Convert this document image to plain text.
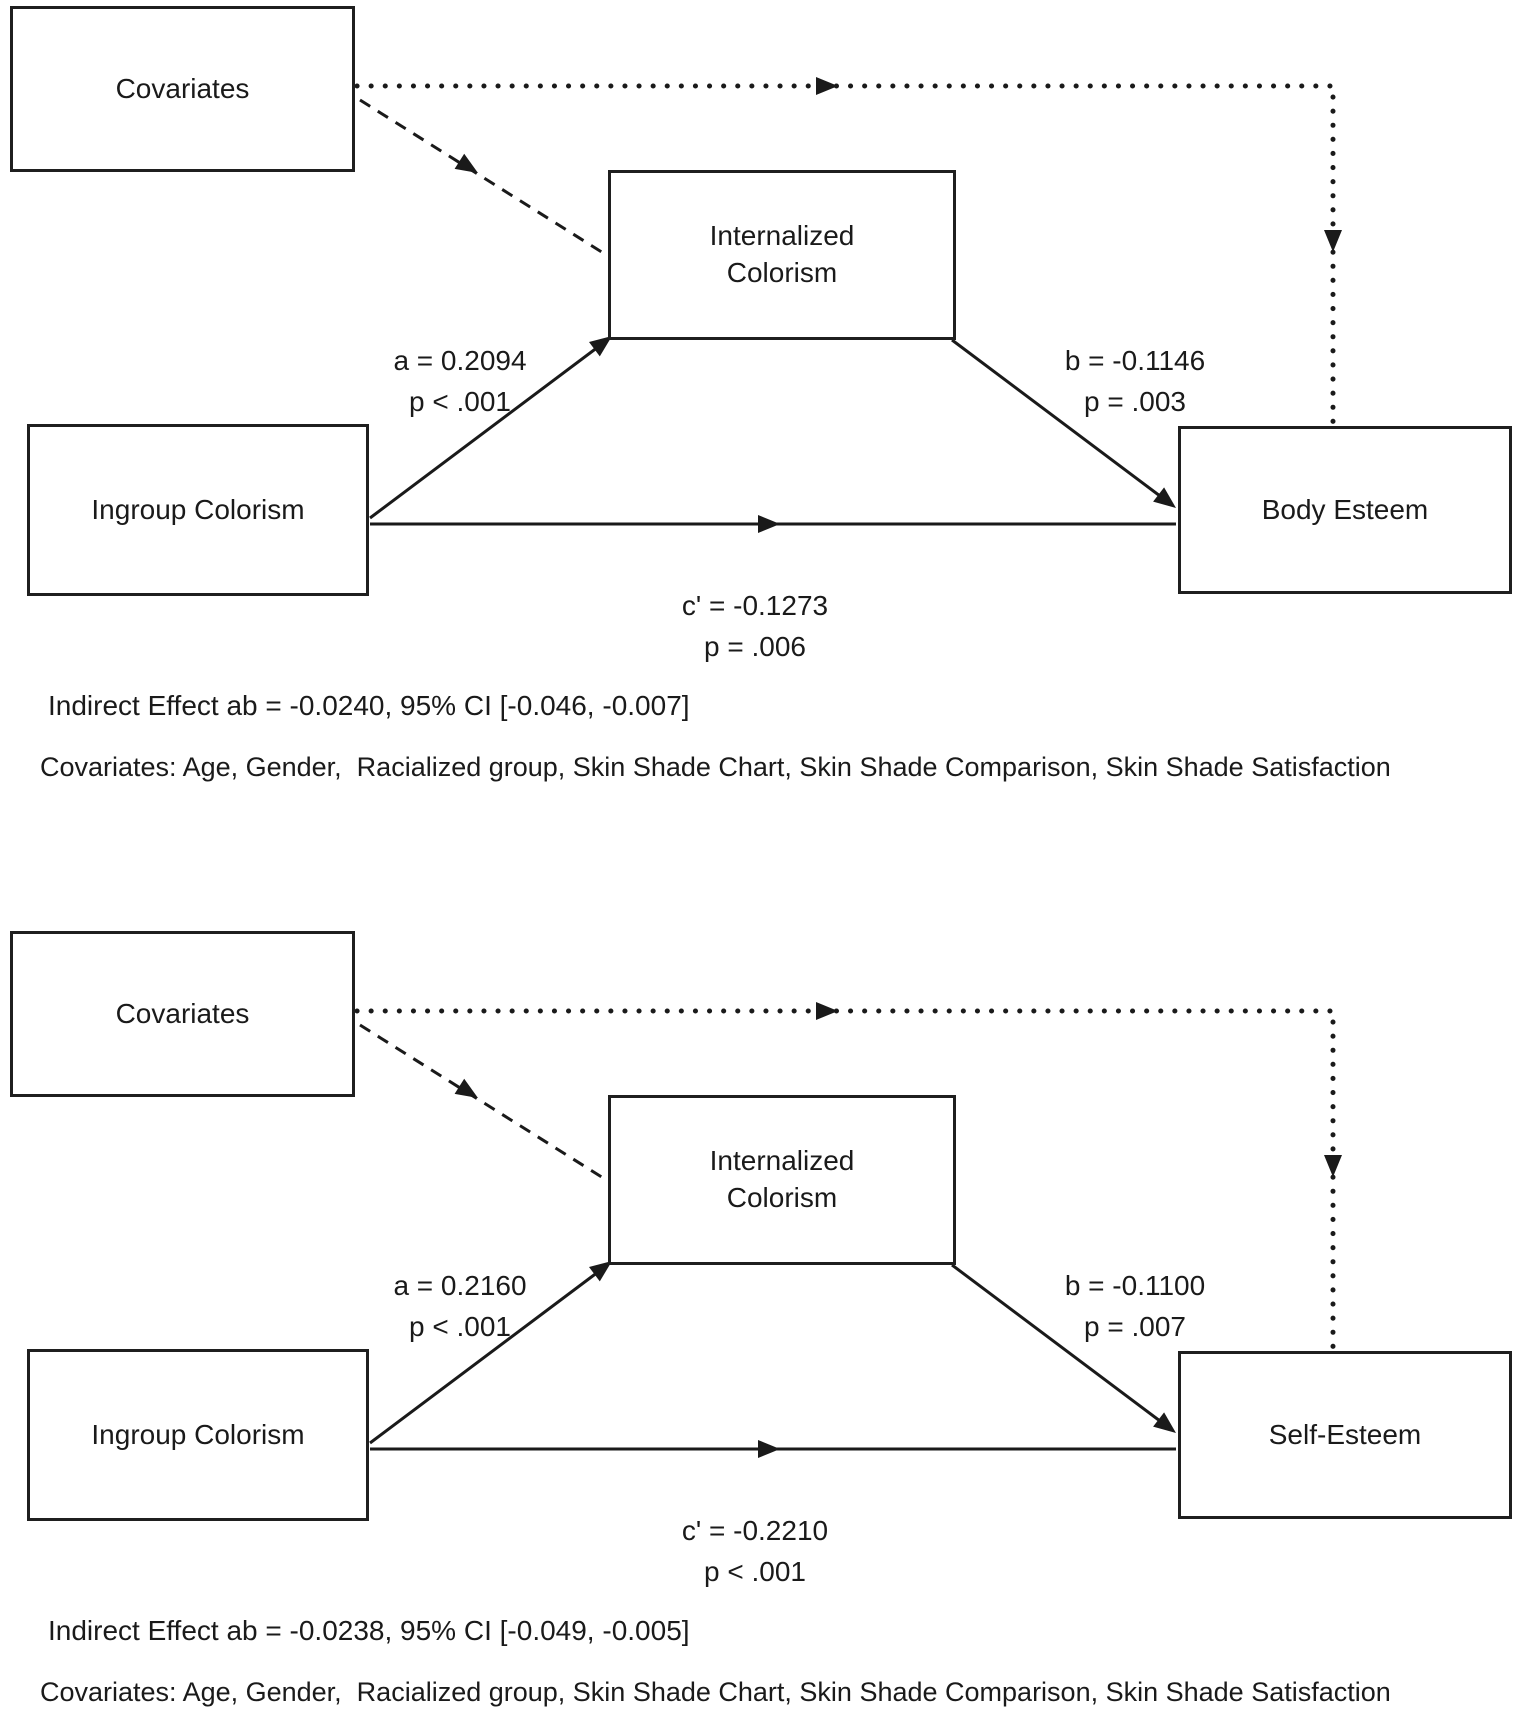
Covariates
Internalized
Colorism
Ingroup Colorism	Body Esteem
a = 0.2094
p < .001
b = -0.1146
p = .003
c' = -0.1273
p = .006
Indirect Effect ab = -0.0240, 95% CI [-0.046, -0.007]
Covariates: Age, Gender,  Racialized group, Skin Shade Chart, Skin Shade Comparison, Skin Shade Satisfaction
Covariates
Internalized
Colorism
Ingroup Colorism	Self-Esteem
a = 0.2160
p < .001
b = -0.1100
p = .007
c' = -0.2210
p < .001
Indirect Effect ab = -0.0238, 95% CI [-0.049, -0.005]
Covariates: Age, Gender,  Racialized group, Skin Shade Chart, Skin Shade Comparison, Skin Shade Satisfaction
